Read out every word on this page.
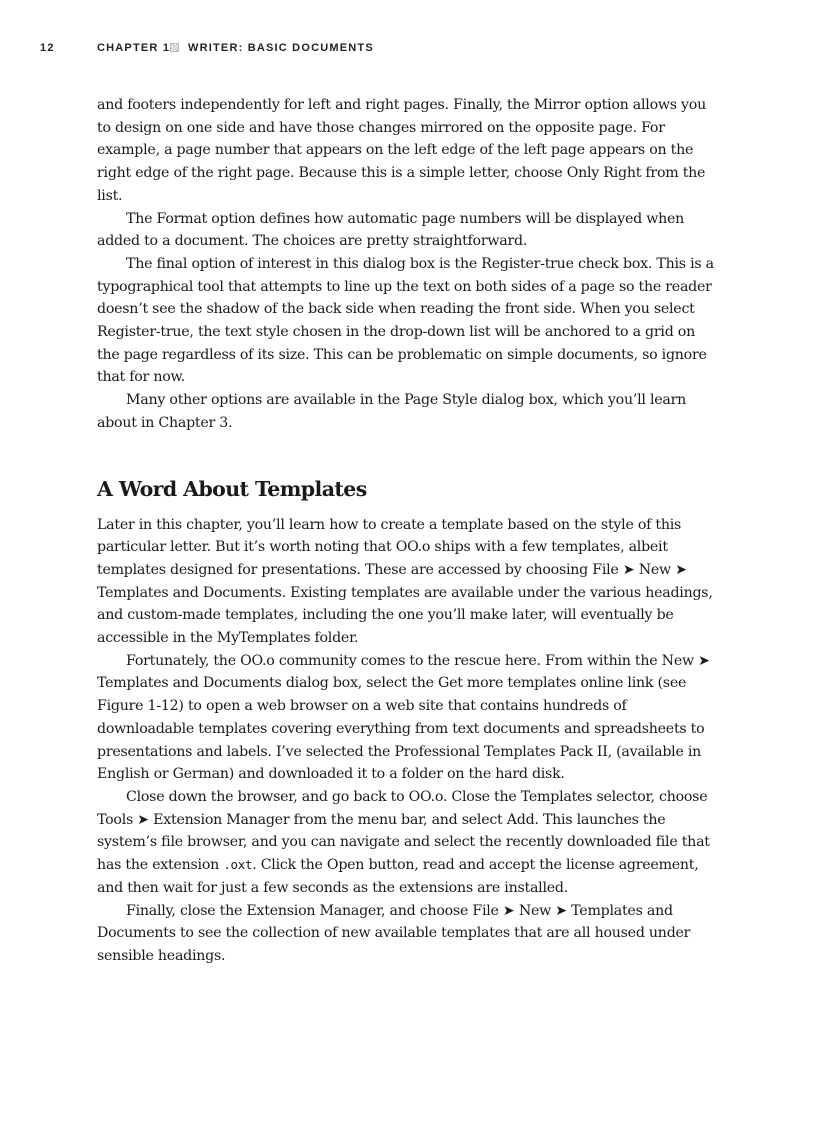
12	CHAPTER 1 WRITER: BASIC DOCUMENTS

and footers independently for left and right pages. Finally, the Mirror option allows you to design on one side and have those changes mirrored on the opposite page. For example, a page number that appears on the left edge of the left page appears on the right edge of the right page. Because this is a simple letter, choose Only Right from the list.

The Format option defines how automatic page numbers will be displayed when added to a document. The choices are pretty straightforward.

The final option of interest in this dialog box is the Register-true check box. This is a typographical tool that attempts to line up the text on both sides of a page so the reader doesn’t see the shadow of the back side when reading the front side. When you select Register-true, the text style chosen in the drop-down list will be anchored to a grid on the page regardless of its size. This can be problematic on simple documents, so ignore that for now.

Many other options are available in the Page Style dialog box, which you’ll learn about in Chapter 3.

A Word About Templates

Later in this chapter, you’ll learn how to create a template based on the style of this particular letter. But it’s worth noting that OO.o ships with a few templates, albeit templates designed for presentations. These are accessed by choosing File ➤ New ➤ Templates and Documents. Existing templates are available under the various headings, and custom-made templates, including the one you’ll make later, will eventually be accessible in the MyTemplates folder.

Fortunately, the OO.o community comes to the rescue here. From within the New ➤ Templates and Documents dialog box, select the Get more templates online link (see Figure 1-12) to open a web browser on a web site that contains hundreds of downloadable templates covering everything from text documents and spreadsheets to presentations and labels. I’ve selected the Professional Templates Pack II, (available in English or German) and downloaded it to a folder on the hard disk.

Close down the browser, and go back to OO.o. Close the Templates selector, choose Tools ➤ Extension Manager from the menu bar, and select Add. This launches the system’s file browser, and you can navigate and select the recently downloaded file that has the extension .oxt. Click the Open button, read and accept the license agreement, and then wait for just a few seconds as the extensions are installed.

Finally, close the Extension Manager, and choose File ➤ New ➤ Templates and Documents to see the collection of new available templates that are all housed under sensible headings.
